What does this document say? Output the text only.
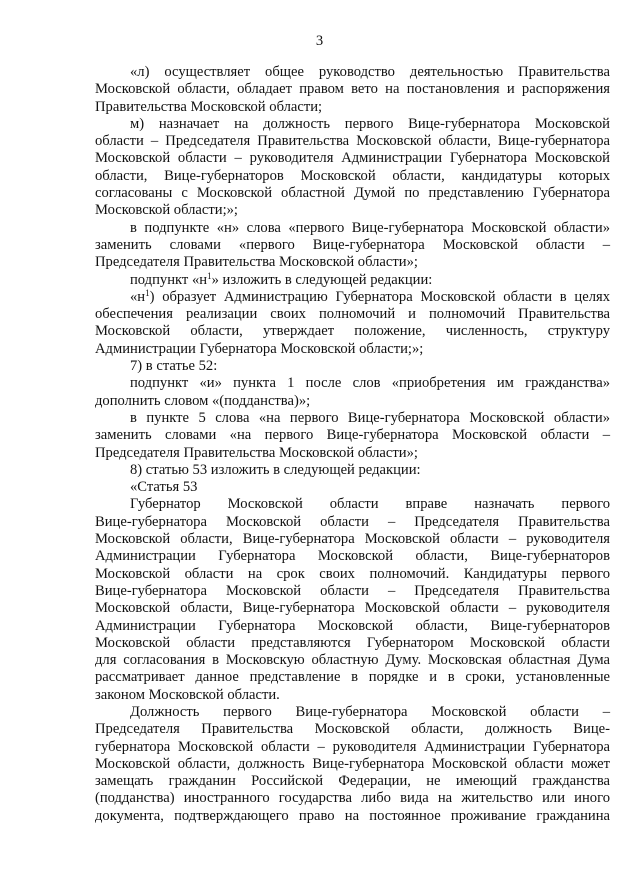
3
«л) осуществляет общее руководство деятельностью Правительства
Московской области, обладает правом вето на постановления и распоряжения
Правительства Московской области;
м) назначает на должность первого Вице-губернатора Московской
области – Председателя Правительства Московской области, Вице-губернатора
Московской области – руководителя Администрации Губернатора Московской
области, Вице-губернаторов Московской области, кандидатуры которых
согласованы с Московской областной Думой по представлению Губернатора
Московской области;»;
в подпункте «н» слова «первого Вице-губернатора Московской области»
заменить словами «первого Вице-губернатора Московской области –
Председателя Правительства Московской области»;
подпункт «$н^1$» изложить в следующей редакции:
«$н^1$) образует Администрацию Губернатора Московской области в целях
обеспечения реализации своих полномочий и полномочий Правительства
Московской области, утверждает положение, численность, структуру
Администрации Губернатора Московской области;»;
7) в статье 52:
подпункт «и» пункта 1 после слов «приобретения им гражданства»
дополнить словом «(подданства)»;
в пункте 5 слова «на первого Вице-губернатора Московской области»
заменить словами «на первого Вице-губернатора Московской области –
Председателя Правительства Московской области»;
8) статью 53 изложить в следующей редакции:
«Статья 53
Губернатор Московской области вправе назначать первого
Вице-губернатора Московской области – Председателя Правительства
Московской области, Вице-губернатора Московской области – руководителя
Администрации Губернатора Московской области, Вице-губернаторов
Московской области на срок своих полномочий. Кандидатуры первого
Вице-губернатора Московской области – Председателя Правительства
Московской области, Вице-губернатора Московской области – руководителя
Администрации Губернатора Московской области, Вице-губернаторов
Московской области представляются Губернатором Московской области
для согласования в Московскую областную Думу. Московская областная Дума
рассматривает данное представление в порядке и в сроки, установленные
законом Московской области.
Должность первого Вице-губернатора Московской области –
Председателя Правительства Московской области, должность Вице-
губернатора Московской области – руководителя Администрации Губернатора
Московской области, должность Вице-губернатора Московской области может
замещать гражданин Российской Федерации, не имеющий гражданства
(подданства) иностранного государства либо вида на жительство или иного
документа, подтверждающего право на постоянное проживание гражданина
